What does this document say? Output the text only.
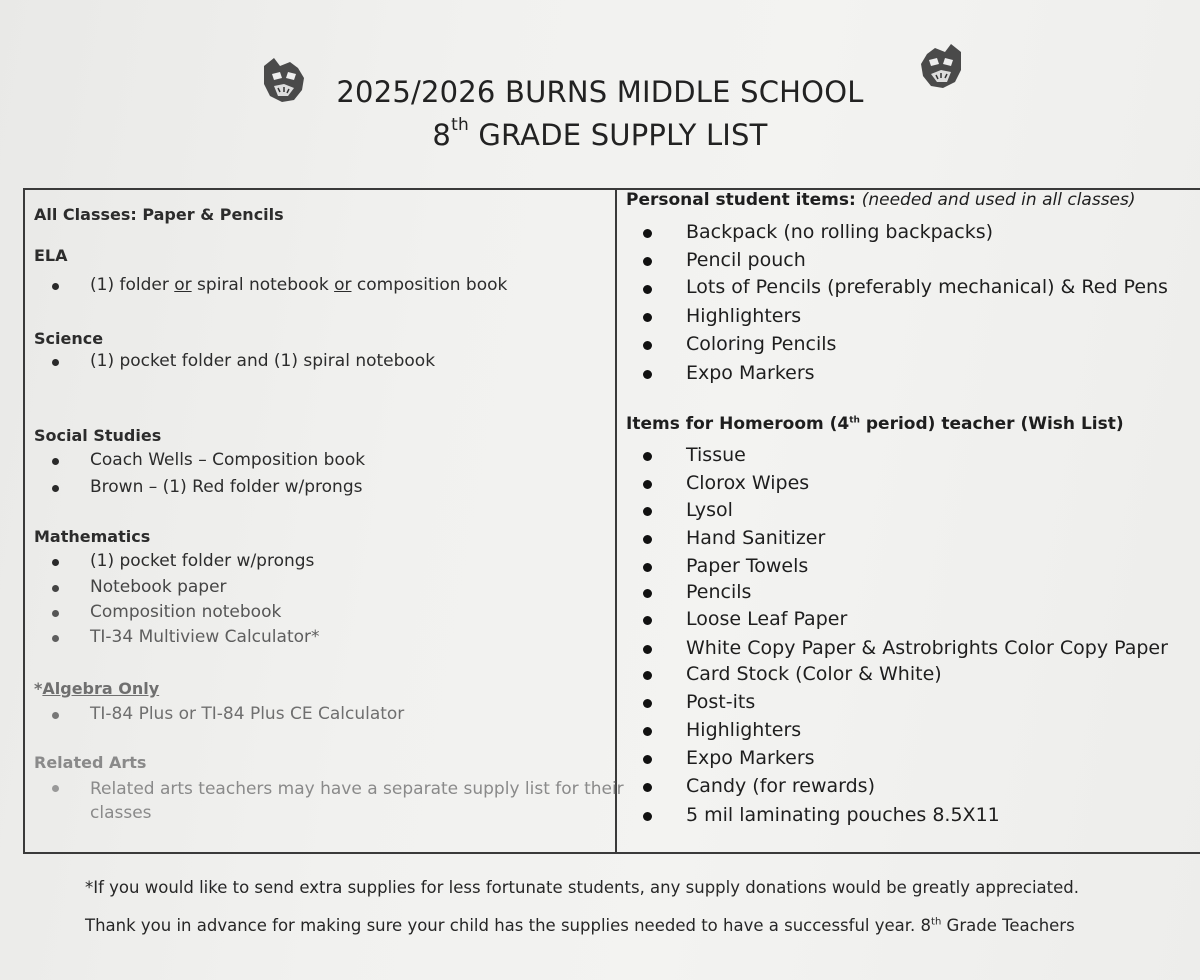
2025/2026 BURNS MIDDLE SCHOOL
8th GRADE SUPPLY LIST
All Classes: Paper & Pencils
ELA
(1) folder or spiral notebook or composition book
Science
(1) pocket folder and (1) spiral notebook
Social Studies
Coach Wells – Composition book
Brown – (1) Red folder w/prongs
Mathematics
(1) pocket folder w/prongs
Notebook paper
Composition notebook
TI-34 Multiview Calculator*
*Algebra Only
TI-84 Plus or TI-84 Plus CE Calculator
Related Arts
Related arts teachers may have a separate supply list for their
classes
Personal student items: (needed and used in all classes)
Backpack (no rolling backpacks)
Pencil pouch
Lots of Pencils (preferably mechanical) & Red Pens
Highlighters
Coloring Pencils
Expo Markers
Items for Homeroom (4th period) teacher (Wish List)
Tissue
Clorox Wipes
Lysol
Hand Sanitizer
Paper Towels
Pencils
Loose Leaf Paper
White Copy Paper & Astrobrights Color Copy Paper
Card Stock (Color & White)
Post-its
Highlighters
Expo Markers
Candy (for rewards)
5 mil laminating pouches 8.5X11
*If you would like to send extra supplies for less fortunate students, any supply donations would be greatly appreciated.
Thank you in advance for making sure your child has the supplies needed to have a successful year. 8th Grade Teachers
